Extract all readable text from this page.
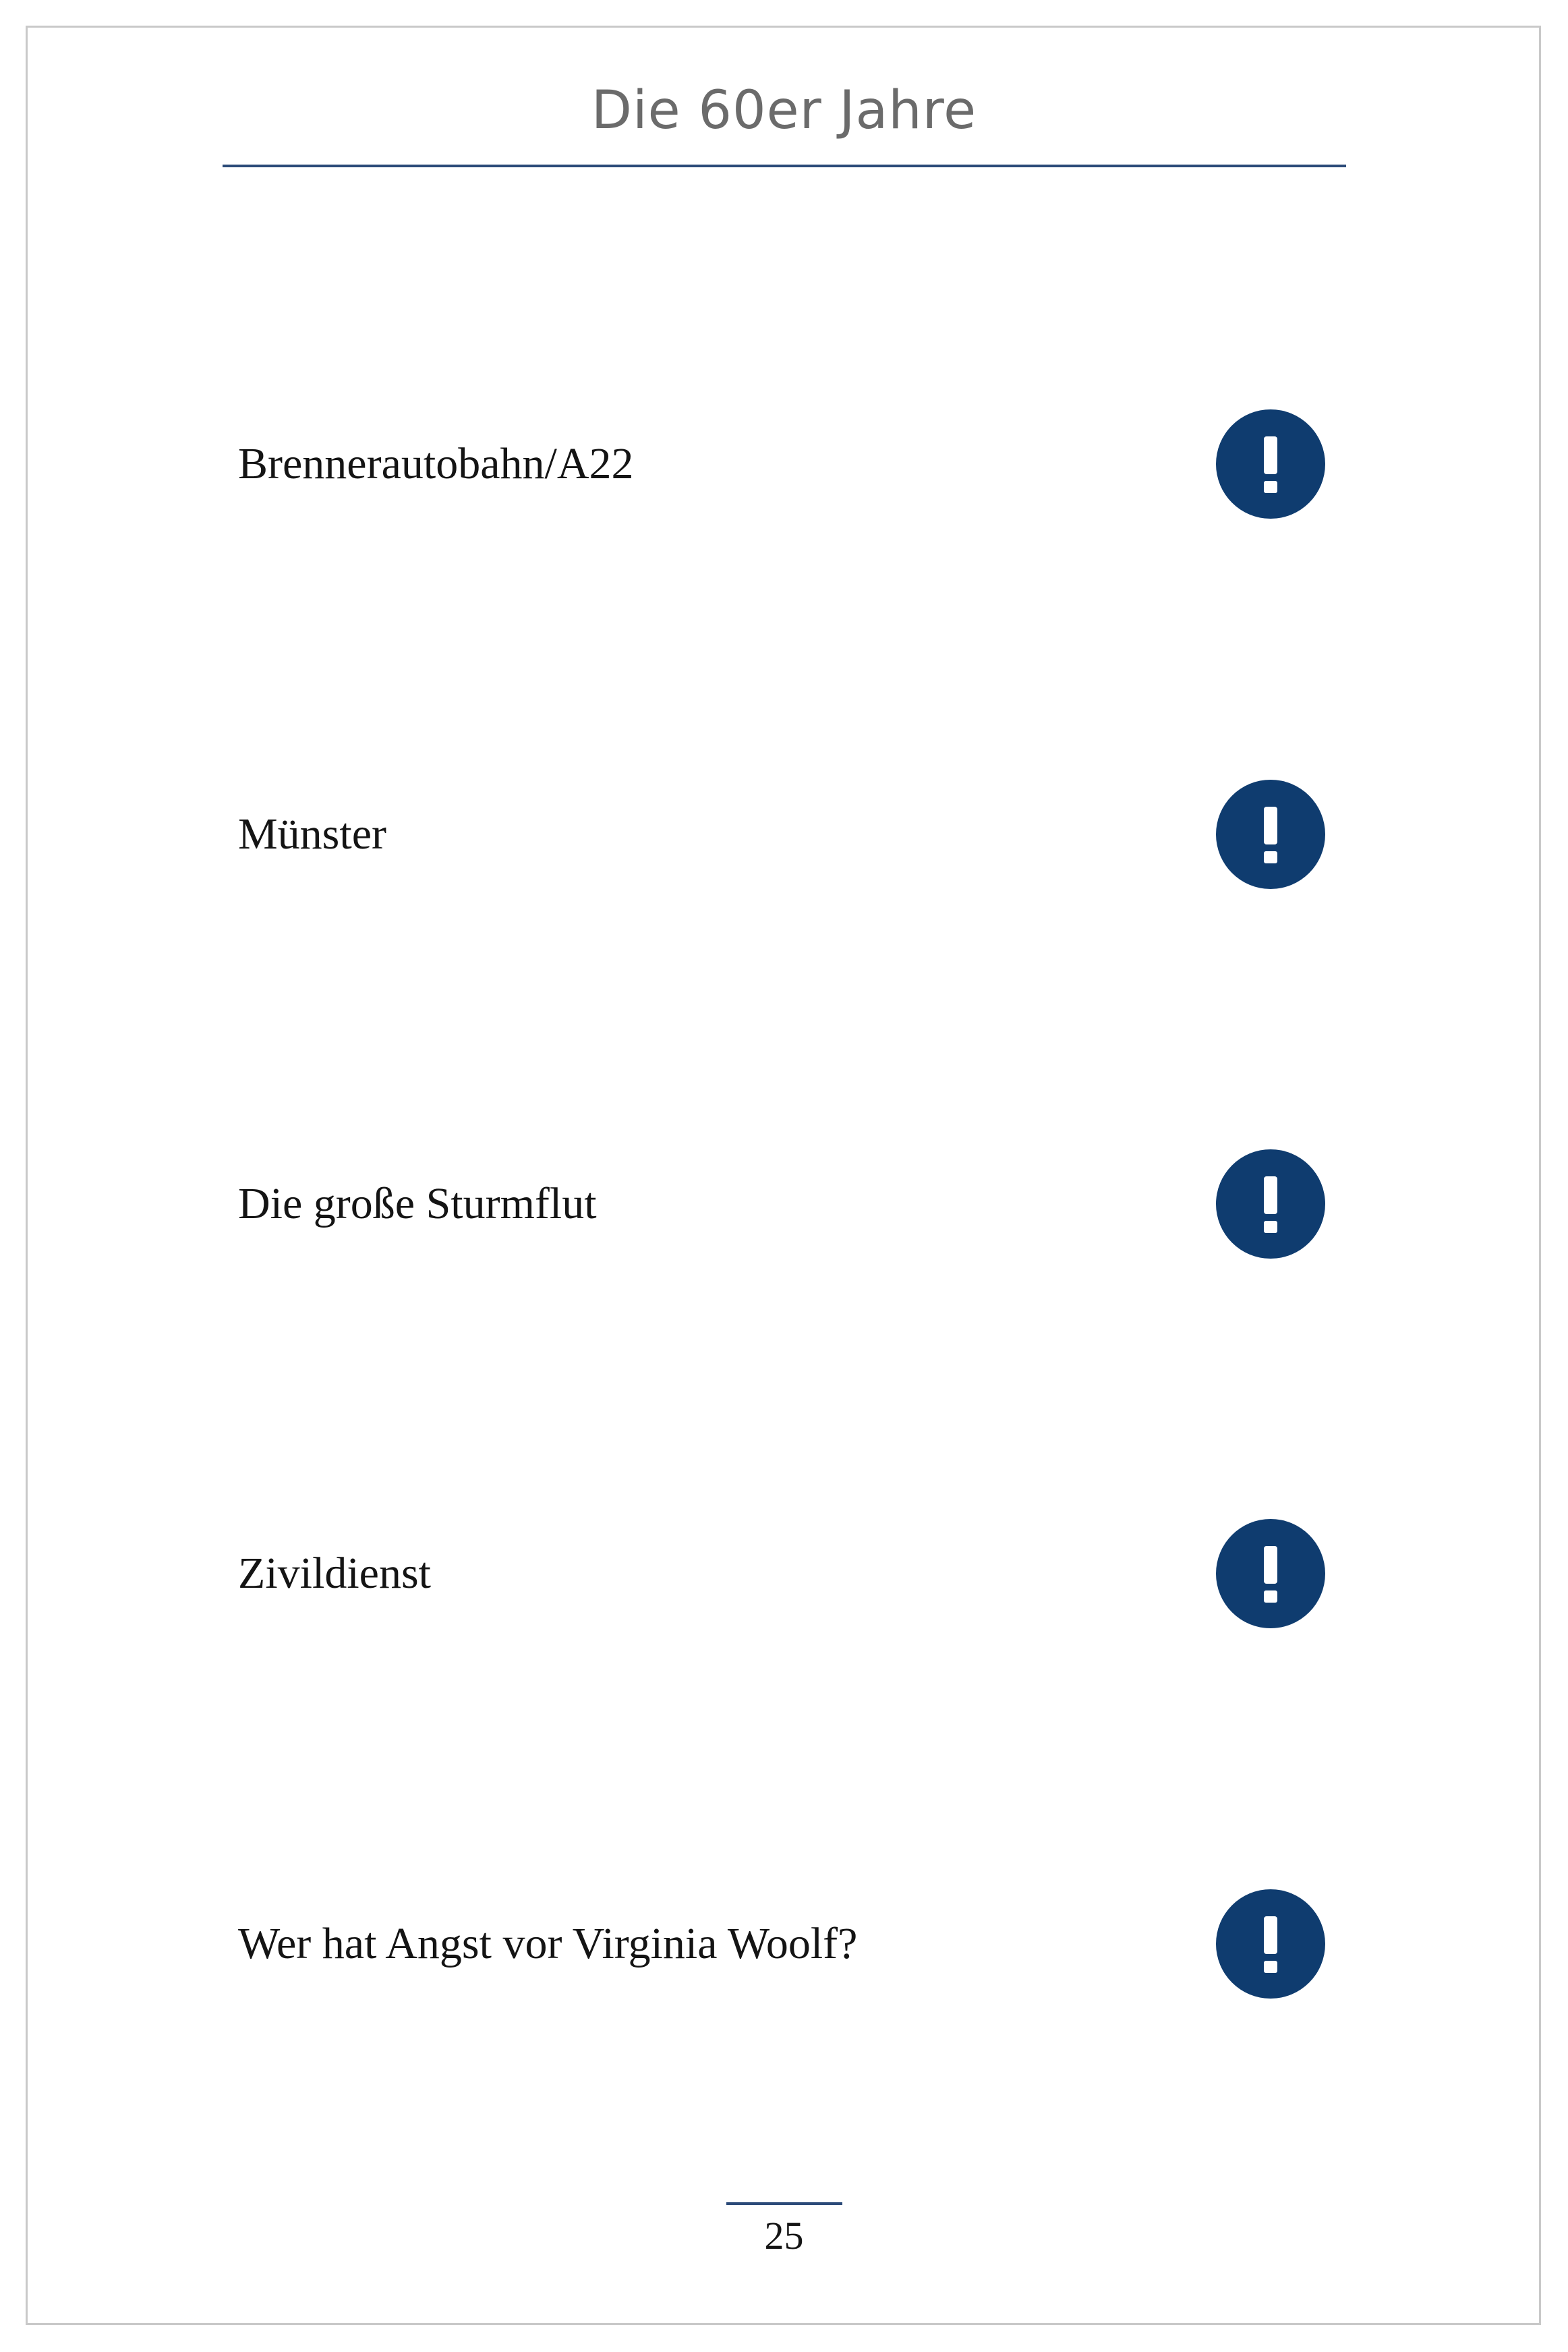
Die 60er Jahre
Brennerautobahn/A22
Münster
Die große Sturmflut
Zivildienst
Wer hat Angst vor Virginia Woolf?
25
